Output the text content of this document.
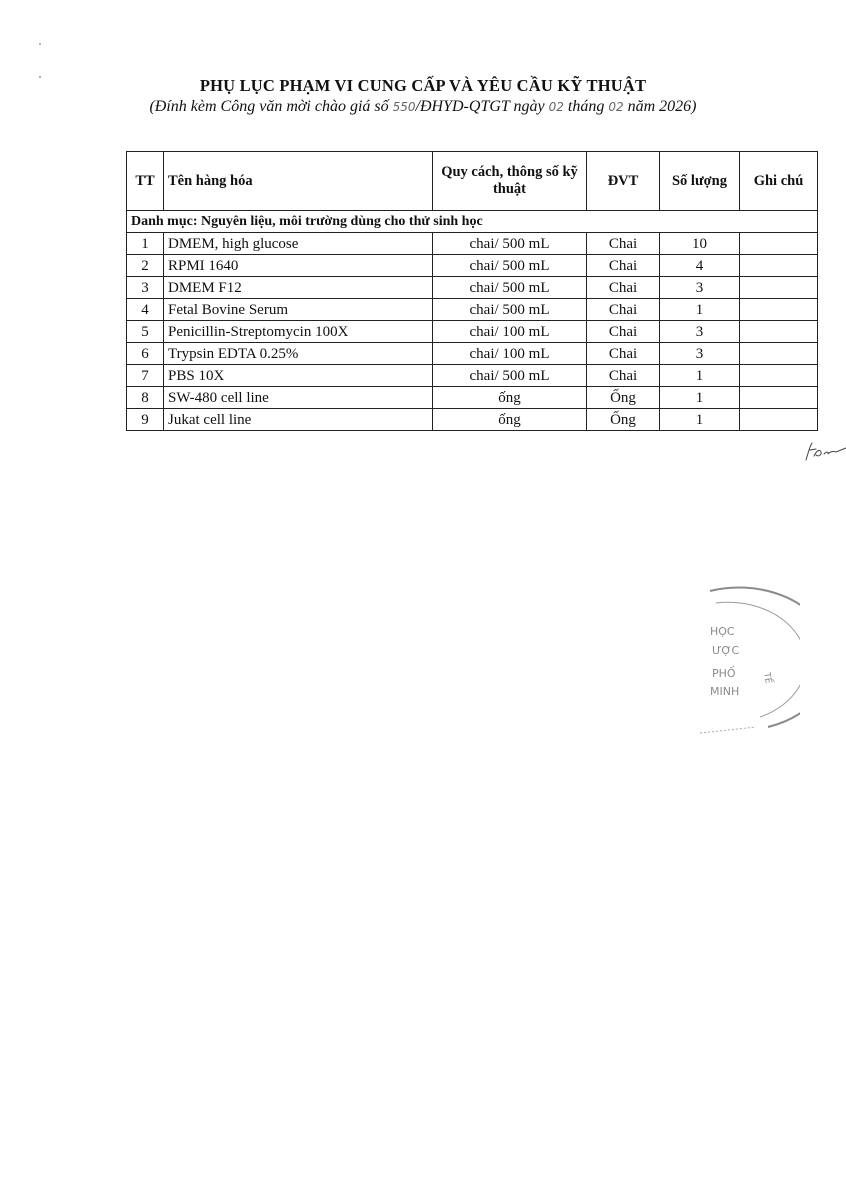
PHỤ LỤC PHẠM VI CUNG CẤP VÀ YÊU CẦU KỸ THUẬT
(Đính kèm Công văn mời chào giá số 550/ĐHYD-QTGT ngày 02 tháng 02 năm 2026)
TT	Tên hàng hóa	Quy cách, thông số kỹ thuật	ĐVT	Số lượng	Ghi chú
Danh mục: Nguyên liệu, môi trường dùng cho thử sinh học					
1	DMEM, high glucose	chai/ 500 mL	Chai	10	
2	RPMI 1640	chai/ 500 mL	Chai	4	
3	DMEM F12	chai/ 500 mL	Chai	3	
4	Fetal Bovine Serum	chai/ 500 mL	Chai	1	
5	Penicillin-Streptomycin 100X	chai/ 100 mL	Chai	3	
6	Trypsin EDTA 0.25%	chai/ 100 mL	Chai	3	
7	PBS 10X	chai/ 500 mL	Chai	1	
8	SW-480 cell line	ống	Ống	1	
9	Jukat cell line	ống	Ống	1	
HỌC
ƯỢC
PHỐ
MINH
TẾ
